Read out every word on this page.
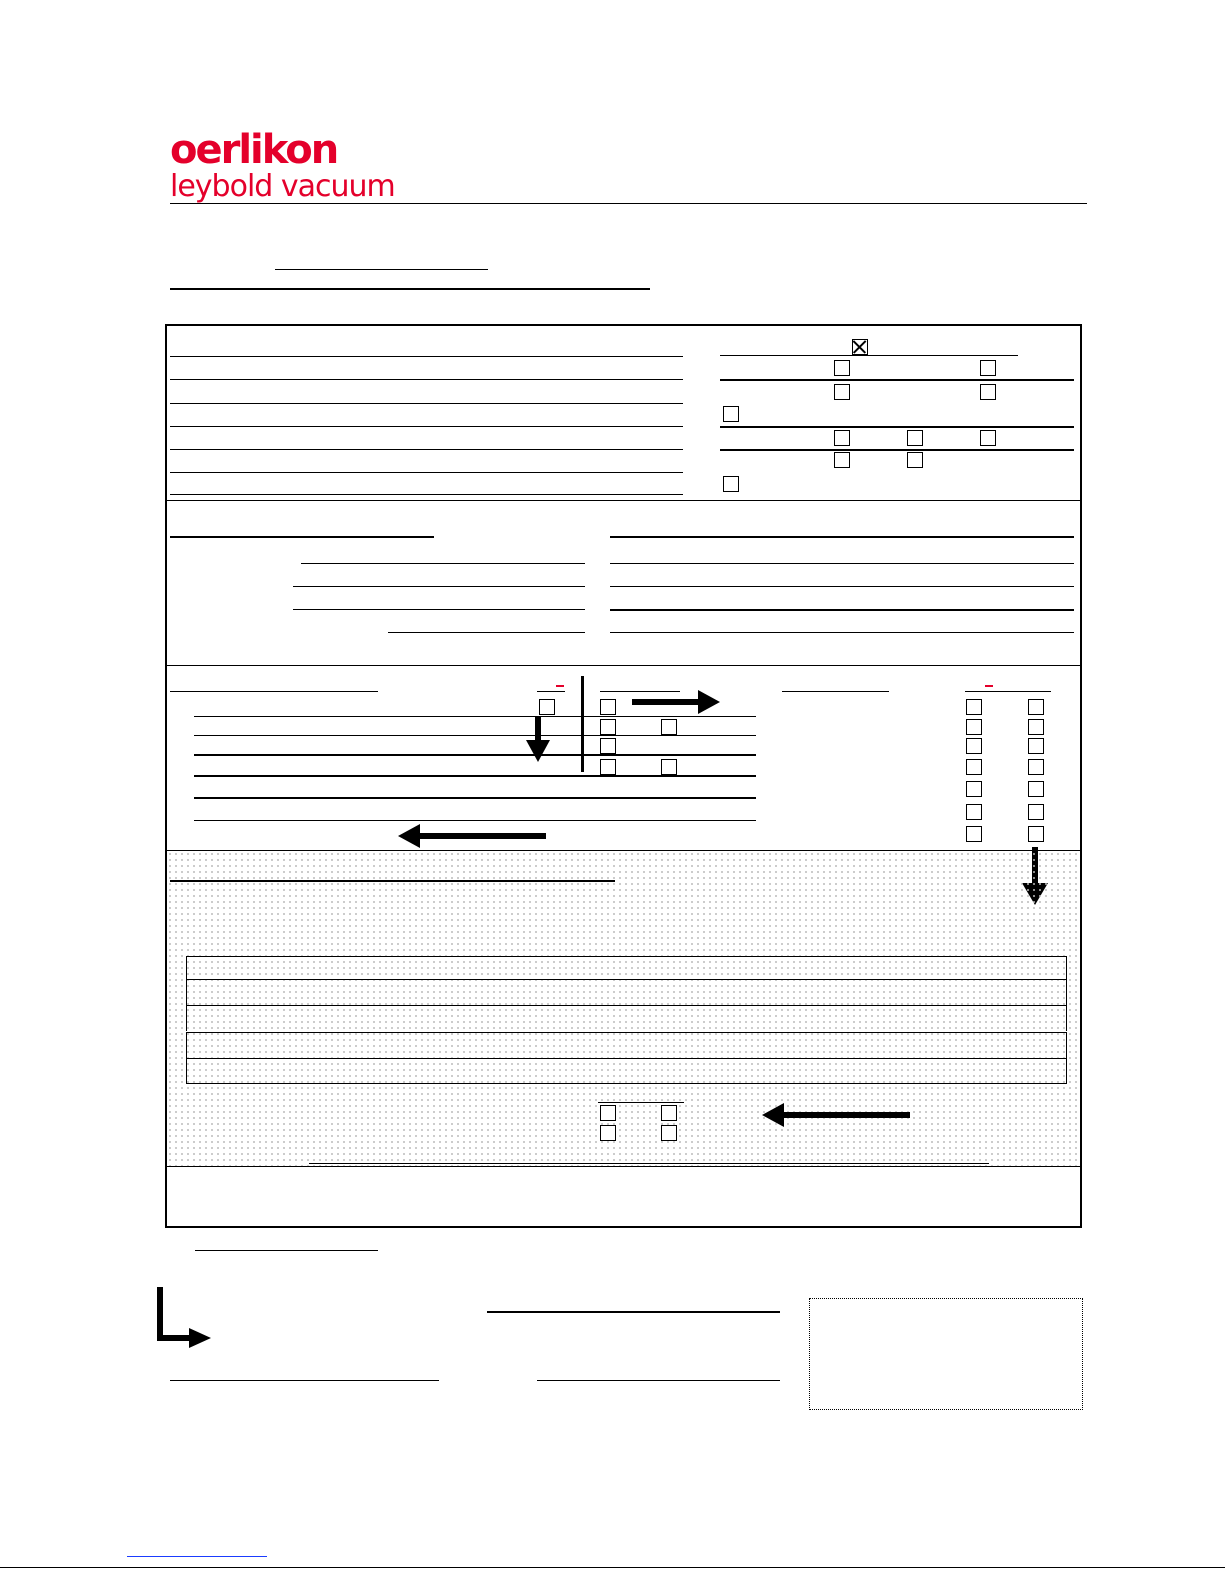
oerlikon
leybold vacuum
